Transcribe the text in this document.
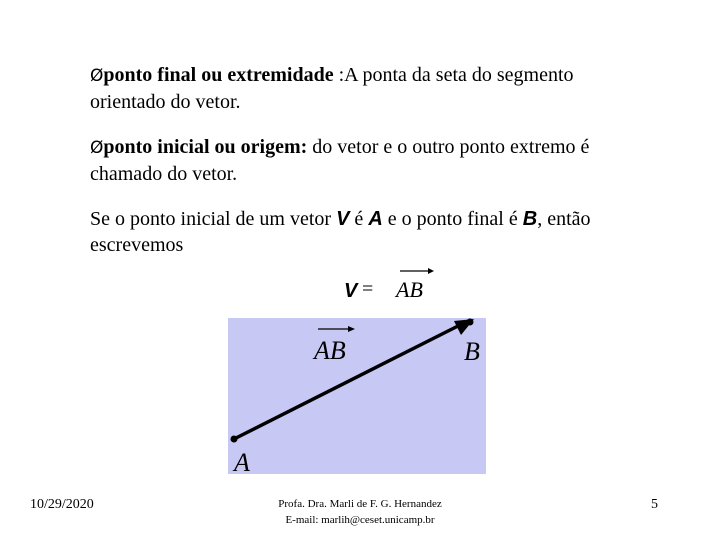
Øponto final ou extremidade :A ponta da seta do segmento orientado do vetor.
Øponto inicial ou origem: do vetor e o outro ponto extremo é chamado do vetor.
Se o ponto inicial de um vetor V é A e o ponto final é B, então escrevemos
V = AB
AB	B
A
10/29/2020	Profa. Dra. Marli de F. G. Hernandez
E-mail: marlih@ceset.unicamp.br
5
